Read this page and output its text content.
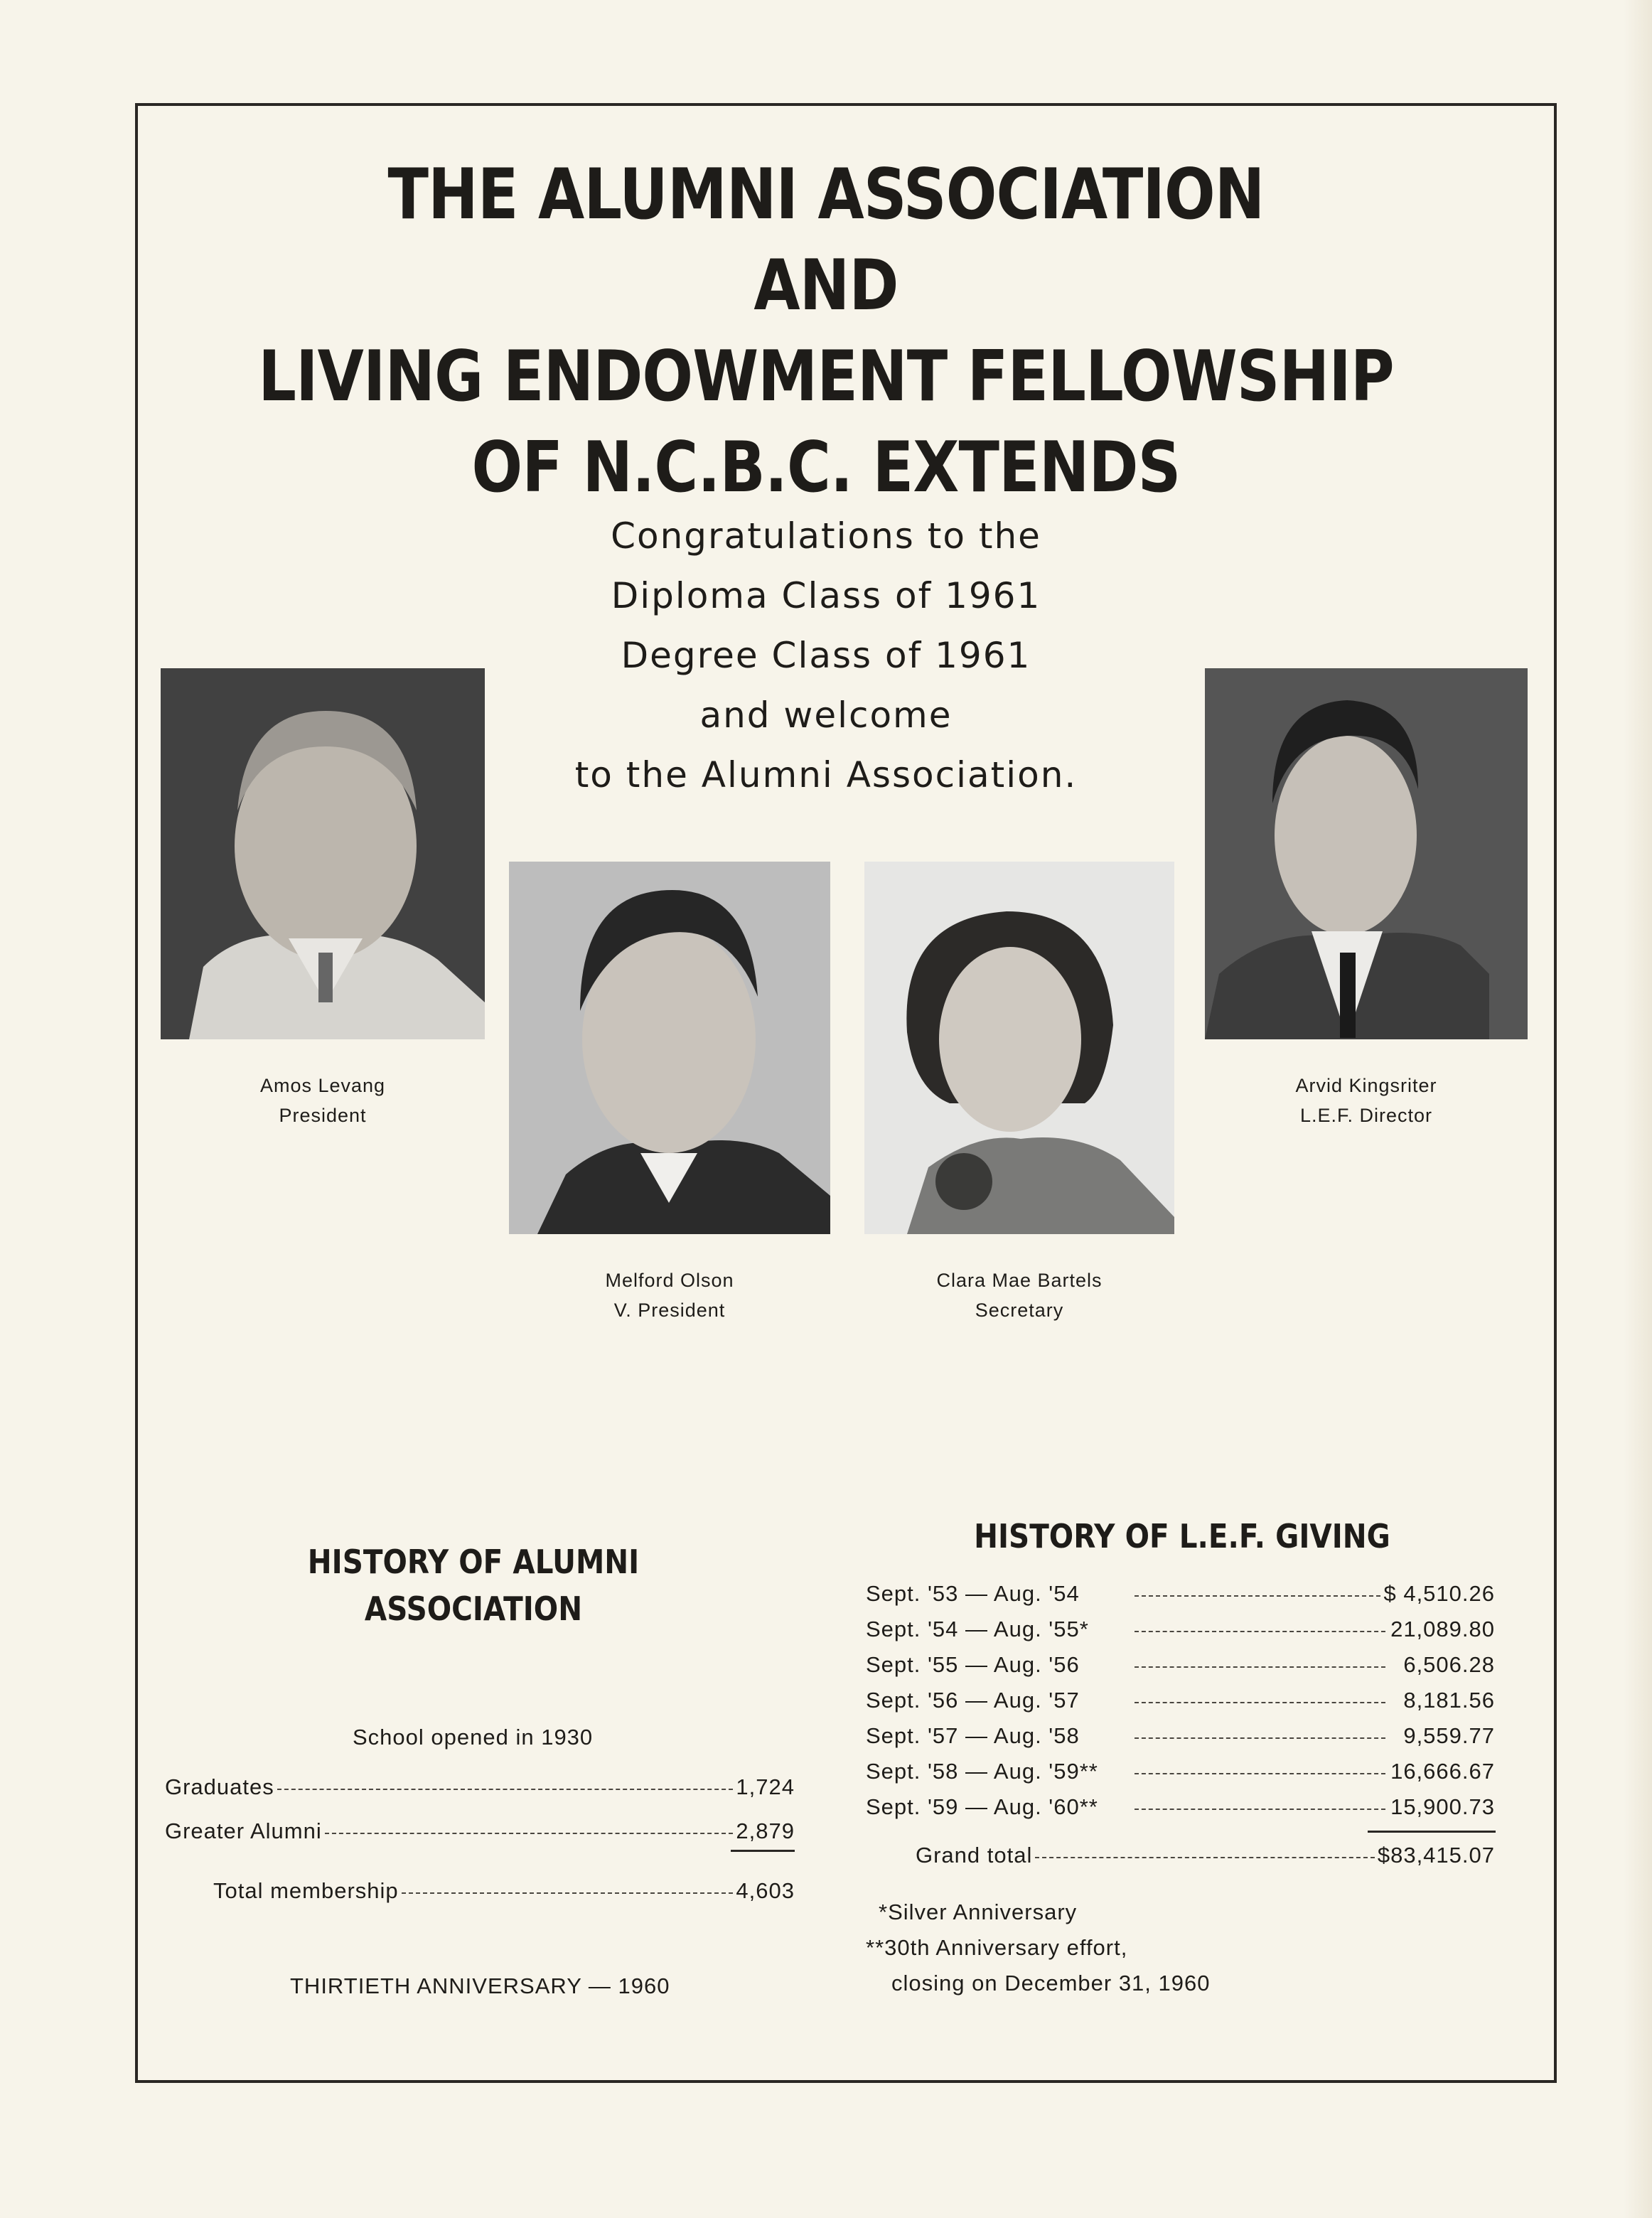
THE ALUMNI ASSOCIATION
AND
LIVING ENDOWMENT FELLOWSHIP
OF N.C.B.C. EXTENDS
Congratulations to the
Diploma Class of 1961
Degree Class of 1961
and welcome
to the Alumni Association.
Amos Levang
President
Melford Olson
V. President
Clara Mae Bartels
Secretary
Arvid Kingsriter
L.E.F. Director
HISTORY OF ALUMNI
ASSOCIATION
School opened in 1930
Graduates	1,724
Greater Alumni	2,879
Total membership	4,603
THIRTIETH ANNIVERSARY — 1960
HISTORY OF L.E.F. GIVING
Sept. '53 — Aug. '54	$ 4,510.26
Sept. '54 — Aug. '55*	21,089.80
Sept. '55 — Aug. '56	6,506.28
Sept. '56 — Aug. '57	8,181.56
Sept. '57 — Aug. '58	9,559.77
Sept. '58 — Aug. '59**	16,666.67
Sept. '59 — Aug. '60**	15,900.73
Grand total	$83,415.07
*Silver Anniversary
**30th Anniversary effort,
closing on December 31, 1960
